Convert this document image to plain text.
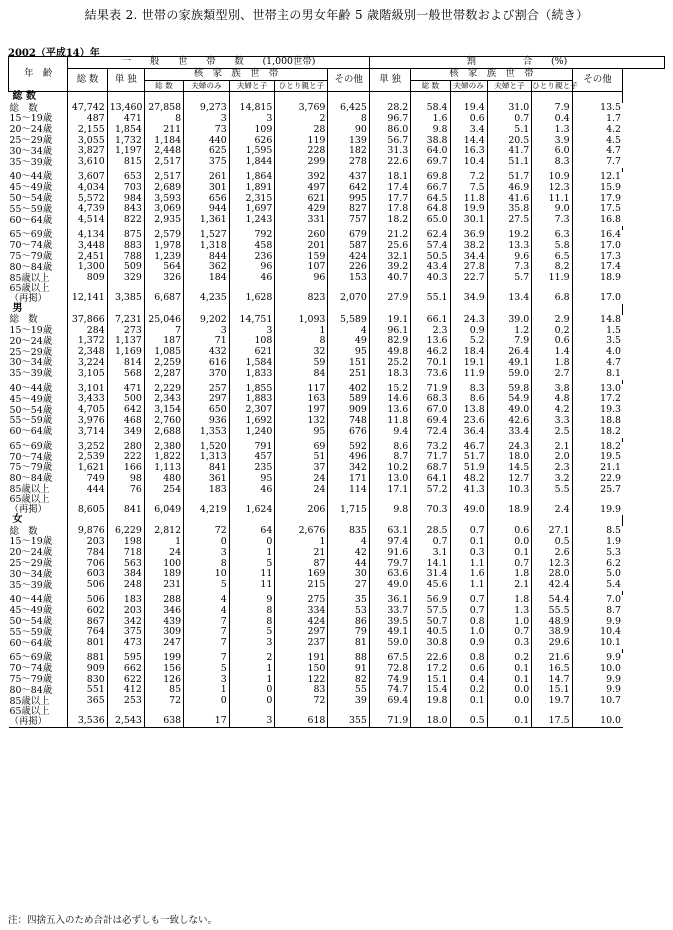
結果表 2. 世帯の家族類型別、世帯主の男女年齢 5 歳階級別一般世帯数および割合（続き）
2002（平成14）年
年　齢	一　　般　　世　　帯　　数　　(1,000世帯)							割　　　　　合　　(%)						
	総 数	単 独	核　家　族　世　帯				その他	単 独	核　家　族　世　帯				その他	
			総 数	夫婦のみ	夫婦と子	ひとり親と子			総 数	夫婦のみ	夫婦と子	ひとり親と子		
総 数														

総　数	47,742	13,460	27,858	9,273	14,815	3,769	6,425	28.2	58.4	19.4	31.0	7.9	13.5	

15～19歳	487	471	8	3	3	2	8	96.7	1.6	0.6	0.7	0.4	1.7	

20～24歳	2,155	1,854	211	73	109	28	90	86.0	9.8	3.4	5.1	1.3	4.2	

25～29歳	3,055	1,732	1,184	440	626	119	139	56.7	38.8	14.4	20.5	3.9	4.5	

30～34歳	3,827	1,197	2,448	625	1,595	228	182	31.3	64.0	16.3	41.7	6.0	4.7	

35～39歳	3,610	815	2,517	375	1,844	299	278	22.6	69.7	10.4	51.1	8.3	7.7	

40～44歳	3,607	653	2,517	261	1,864	392	437	18.1	69.8	7.2	51.7	10.9	12.1	

45～49歳	4,034	703	2,689	301	1,891	497	642	17.4	66.7	7.5	46.9	12.3	15.9	

50～54歳	5,572	984	3,593	656	2,315	621	995	17.7	64.5	11.8	41.6	11.1	17.9	

55～59歳	4,739	843	3,069	944	1,697	429	827	17.8	64.8	19.9	35.8	9.0	17.5	

60～64歳	4,514	822	2,935	1,361	1,243	331	757	18.2	65.0	30.1	27.5	7.3	16.8	

65～69歳	4,134	875	2,579	1,527	792	260	679	21.2	62.4	36.9	19.2	6.3	16.4	

70～74歳	3,448	883	1,978	1,318	458	201	587	25.6	57.4	38.2	13.3	5.8	17.0	

75～79歳	2,451	788	1,239	844	236	159	424	32.1	50.5	34.4	9.6	6.5	17.3	

80～84歳	1,300	509	564	362	96	107	226	39.2	43.4	27.8	7.3	8.2	17.4	

85歳以上	809	329	326	184	46	96	153	40.7	40.3	22.7	5.7	11.9	18.9	

65歳以上
（再掲）	12,141	3,385	6,687	4,235	1,628	823	2,070	27.9	55.1	34.9	13.4	6.8	17.0	
男														

総　数	37,866	7,231	25,046	9,202	14,751	1,093	5,589	19.1	66.1	24.3	39.0	2.9	14.8	

15～19歳	284	273	7	3	3	1	4	96.1	2.3	0.9	1.2	0.2	1.5	

20～24歳	1,372	1,137	187	71	108	8	49	82.9	13.6	5.2	7.9	0.6	3.5	

25～29歳	2,348	1,169	1,085	432	621	32	95	49.8	46.2	18.4	26.4	1.4	4.0	

30～34歳	3,224	814	2,259	616	1,584	59	151	25.2	70.1	19.1	49.1	1.8	4.7	

35～39歳	3,105	568	2,287	370	1,833	84	251	18.3	73.6	11.9	59.0	2.7	8.1	

40～44歳	3,101	471	2,229	257	1,855	117	402	15.2	71.9	8.3	59.8	3.8	13.0	

45～49歳	3,433	500	2,343	297	1,883	163	589	14.6	68.3	8.6	54.9	4.8	17.2	

50～54歳	4,705	642	3,154	650	2,307	197	909	13.6	67.0	13.8	49.0	4.2	19.3	

55～59歳	3,976	468	2,760	936	1,692	132	748	11.8	69.4	23.6	42.6	3.3	18.8	

60～64歳	3,714	349	2,688	1,353	1,240	95	676	9.4	72.4	36.4	33.4	2.5	18.2	

65～69歳	3,252	280	2,380	1,520	791	69	592	8.6	73.2	46.7	24.3	2.1	18.2	

70～74歳	2,539	222	1,822	1,313	457	51	496	8.7	71.7	51.7	18.0	2.0	19.5	

75～79歳	1,621	166	1,113	841	235	37	342	10.2	68.7	51.9	14.5	2.3	21.1	

80～84歳	749	98	480	361	95	24	171	13.0	64.1	48.2	12.7	3.2	22.9	

85歳以上	444	76	254	183	46	24	114	17.1	57.2	41.3	10.3	5.5	25.7	

65歳以上
（再掲）	8,605	841	6,049	4,219	1,624	206	1,715	9.8	70.3	49.0	18.9	2.4	19.9	
女														

総　数	9,876	6,229	2,812	72	64	2,676	835	63.1	28.5	0.7	0.6	27.1	8.5	

15～19歳	203	198	1	0	0	1	4	97.4	0.7	0.1	0.0	0.5	1.9	

20～24歳	784	718	24	3	1	21	42	91.6	3.1	0.3	0.1	2.6	5.3	

25～29歳	706	563	100	8	5	87	44	79.7	14.1	1.1	0.7	12.3	6.2	

30～34歳	603	384	189	10	11	169	30	63.6	31.4	1.6	1.8	28.0	5.0	

35～39歳	506	248	231	5	11	215	27	49.0	45.6	1.1	2.1	42.4	5.4	

40～44歳	506	183	288	4	9	275	35	36.1	56.9	0.7	1.8	54.4	7.0	

45～49歳	602	203	346	4	8	334	53	33.7	57.5	0.7	1.3	55.5	8.7	

50～54歳	867	342	439	7	8	424	86	39.5	50.7	0.8	1.0	48.9	9.9	

55～59歳	764	375	309	7	5	297	79	49.1	40.5	1.0	0.7	38.9	10.4	

60～64歳	801	473	247	7	3	237	81	59.0	30.8	0.9	0.3	29.6	10.1	

65～69歳	881	595	199	7	2	191	88	67.5	22.6	0.8	0.2	21.6	9.9	

70～74歳	909	662	156	5	1	150	91	72.8	17.2	0.6	0.1	16.5	10.0	

75～79歳	830	622	126	3	1	122	82	74.9	15.1	0.4	0.1	14.7	9.9	

80～84歳	551	412	85	1	0	83	55	74.7	15.4	0.2	0.0	15.1	9.9	

85歳以上	365	253	72	0	0	72	39	69.4	19.8	0.1	0.0	19.7	10.7	

65歳以上
（再掲）	3,536	2,543	638	17	3	618	355	71.9	18.0	0.5	0.1	17.5	10.0	
注：四捨五入のため合計は必ずしも一致しない。
